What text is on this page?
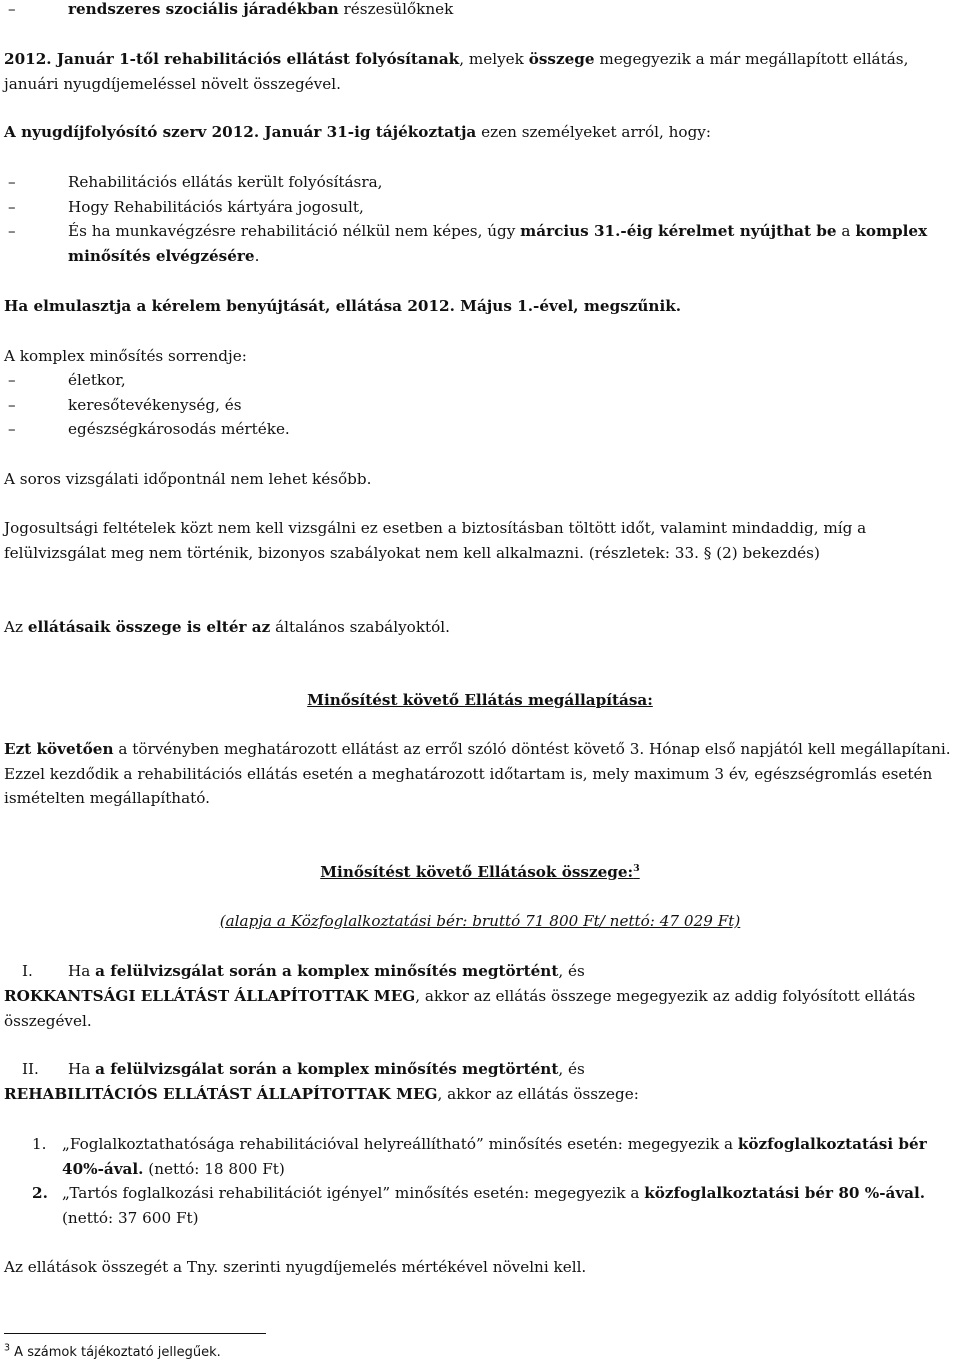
–	rendszeres szociális járadékban részesülőknek

2012. Január 1-től rehabilitációs ellátást folyósítanak, melyek összege megegyezik a már megállapított ellátás, januári nyugdíjemeléssel növelt összegével.

A nyugdíjfolyósító szerv 2012. Január 31-ig tájékoztatja ezen személyeket arról, hogy:

–	Rehabilitációs ellátás került folyósításra,

–	Hogy Rehabilitációs kártyára jogosult,

–	És ha munkavégzésre rehabilitáció nélkül nem képes, úgy március 31.-éig kérelmet nyújthat be a komplex minősítés elvégzésére.

Ha elmulasztja a kérelem benyújtását, ellátása 2012. Május 1.-ével, megszűnik.

A komplex minősítés sorrendje:

–	életkor,

–	keresőtevékenység, és

–	egészségkárosodás mértéke.

A soros vizsgálati időpontnál nem lehet később.

Jogosultsági feltételek közt nem kell vizsgálni ez esetben a biztosításban töltött időt, valamint mindaddig, míg a felülvizsgálat meg nem történik, bizonyos szabályokat nem kell alkalmazni. (részletek: 33. § (2) bekezdés)

Az ellátásaik összege is eltér az általános szabályoktól.

Minősítést követő Ellátás megállapítása:

Ezt követően a törvényben meghatározott ellátást az erről szóló döntést követő 3. Hónap első napjától kell megállapítani. Ezzel kezdődik a rehabilitációs ellátás esetén a meghatározott időtartam is, mely maximum 3 év, egészségromlás esetén ismételten megállapítható.

Minősítést követő Ellátások összege:$^3$

(alapja a Közfoglalkoztatási bér: bruttó 71 800 Ft/ nettó: 47 029 Ft)

I. Ha a felülvizsgálat során a komplex minősítés megtörtént, és

ROKKANTSÁGI ELLÁTÁST ÁLLAPÍTOTTAK MEG, akkor az ellátás összege megegyezik az addig folyósított ellátás összegével.

II. Ha a felülvizsgálat során a komplex minősítés megtörtént, és

REHABILITÁCIÓS ELLÁTÁST ÁLLAPÍTOTTAK MEG, akkor az ellátás összege:

1. „Foglalkoztathatósága rehabilitációval helyreállítható” minősítés esetén: megegyezik a közfoglalkoztatási bér 40%-ával. (nettó: 18 800 Ft)

2. „Tartós foglalkozási rehabilitációt igényel” minősítés esetén: megegyezik a közfoglalkoztatási bér 80 %-ával. (nettó: 37 600 Ft)

Az ellátások összegét a Tny. szerinti nyugdíjemelés mértékével növelni kell.

$^3$ A számok tájékoztató jellegűek.
